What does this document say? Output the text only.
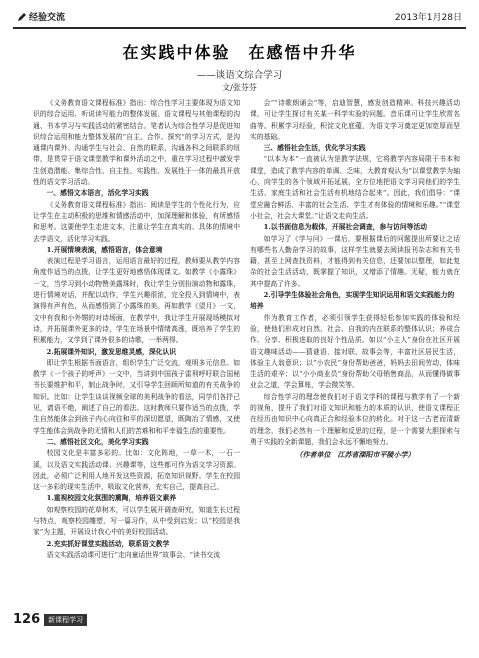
经验交流	2013年1月28日
在实践中体验　在感悟中升华
——谈语文综合学习
文/张芬芬

《义务教育语文课程标准》指出：综合性学习主要体现为语文知识的综合运用、听说读写能力的整体发展、语文课程与其他课程的沟通、书本学习与实践活动的紧密结合。笔者认为综合性学习是促进知识综合运用和能力整体发展的“自主、合作、探究”的学习方式，是沟通课内课外、沟通学生与社会、自然的联系，沟通各科之间联系的纽带，是贯穿于语文课堂教学和课外活动之中，重在学习过程中激发学生创造潜能、集综合性、自主性、实践性、发展性于一体的最具开放性的语文学习活动。

一、感悟文本语言，活化学习实践

《义务教育语文课程标准》指出：阅读是学生的个性化行为，应让学生在主动积极的思维和情感活动中，加深理解和体验，有所感悟和思考。这要使学生走进文本，注重让学生在真实的、具体的情境中去学语文，活化学习实践。

1.开展情境表演，感悟语言，体会意境

表演过程是学习语言，运用语言最好的过程，教师要从教学内容角度作适当的点拨，让学生更好地感悟体现课文。如教学《小露珠》一文，当学习到小动物赞美露珠时，我让学生分别扮演动物和露珠，进行情境对话，并配以动作，学生兴趣很浓，完全投入到情境中，表演得有声有色，从而感悟到了小露珠的美。再如教学《望月》一文，文中有我和小外甥的对诗场面，在教学中，我让学生开展现场模拟对诗，并拓展课外更多的诗，学生在场景中情绪高涨，既培养了学生的积累能力，又学到了课外很多的诗歌，一举两得。

2.拓展课外知识，激发思维灵感，深化认识

即让学生根据书面语言，组织学生广泛交流，观明多元信息。如教学《一个孩子的呼声》一文中，当讲到中国孩子雷利呼吁联合国秘书长要维护和平，制止战争时，又引导学生回顾所知道的有关战争的知识。比如：让学生谈谈视频全球的美利战争的看法，同学们各抒己见，请语不绝，阐述了自己的看法。这时教师只要作适当的点拨，学生自然能体会到孩子内心向往和平的深切愿望，既陶冶了情感，又使学生能体会到战争的无情和人们的苦难和和平幸福生活的重要性。

二、感悟社区文化，美化学习实践

校园文化是丰富多彩的。比如：文化阵地，一草一木，一石一溪，以及语文实践活动课、兴趣课等，这些都可作为语文学习资源。因此，必须广泛利用人地开发这些资源，拓宽知识视野。学生在校园这一多彩的现实生活中，吸取文化营养，充实自己，提高自己。

1.重视校园文化氛围的熏陶，培养语文素养

如观察校园的花草树木，可以学生展开调查研究，知道生长过程与特点，观察校园雕塑，写一篇习作，从中受到启发；以“校园是我家”为主题，开展设计我心中的美好校园活动。

2.充实抓好课堂实践活动，联系语文教学

语文实践活动课可进行“走向童话世界”故事会、“读书交流

会”“诗歌朗诵会”等，启迪智慧，感发创造精神。科技兴趣活动课，可让学生探讨有关某一科学实验的问题。音乐课可让学生欣赏名曲等。积累学习经验，积淀文化底蕴，为语文学习奠定更加宽厚而坚实的基础。

三、感悟社会生活，优化学习实践

“以本为本”一直被认为是教学法规，它将教学内容局限于书本和课堂，造成了教学内容的单调、乏味，大教育观认为“以课堂教学为轴心，向学生的各个领域开拓延展，全方位地把语文学习同他们的学生生活、家庭生活和社会生活有机地结合起来”。因此，我们倡导：“课堂应融合鲜活、丰富的社会生活、学生才有体验的情境和乐趣。”“课堂小社会，社会大课堂。”让语文走向生活。

1.以书面信息为载体，开展社会调查，参与访问等活动

如学习了《学与问》一课后，要根据课后的问题提出所要让之话有哪些名人勤奋学习的故事，这样学生就要去阅读报刊杂志和有关书籍，甚至上网查找资料，才能得到有关信息，还要加以整理，如此复杂的社会生活活动，既掌握了知识，又增添了情趣。无疑，能力就在其中提高了许多。

2.引导学生体验社会角色，实现学生知识运用和语文实践能力的培养

作为教育工作者，必须引领学生获得轻松参加实践的体验和经验，使他们形成对自然、社会、自我的内在联系的整体认识；养成合作、分享、积极进取的良好个性品质。如以“小主人”身份在社区开展语文趣味活动——猜谜语，接对联、故事会等，丰富社区居民生活，体验主人翁意识；以“小农民”身份帮助爸爸，妈妈去田间劳动，体味生活的艰辛；以“小小商业员”身份帮助父母销售商品，从而懂得做事业会之道，学会算账，学会微笑等。

综合性学习的理念使我们对于语文学科的课程与教学有了一个新的视角，提升了我们对语文知识和能力的本质的认识，使语文课程正在经历由知识中心向真正合和经验本位的转化。对于这一古老而清新的理念，我们必然有一个理解和反思的过程，是一个需要大胆探索与勇于实践的全新课题，我们会永远不懈地努力。

（作者单位　江苏省溧阳市平陵小学）

126	新课程学习
